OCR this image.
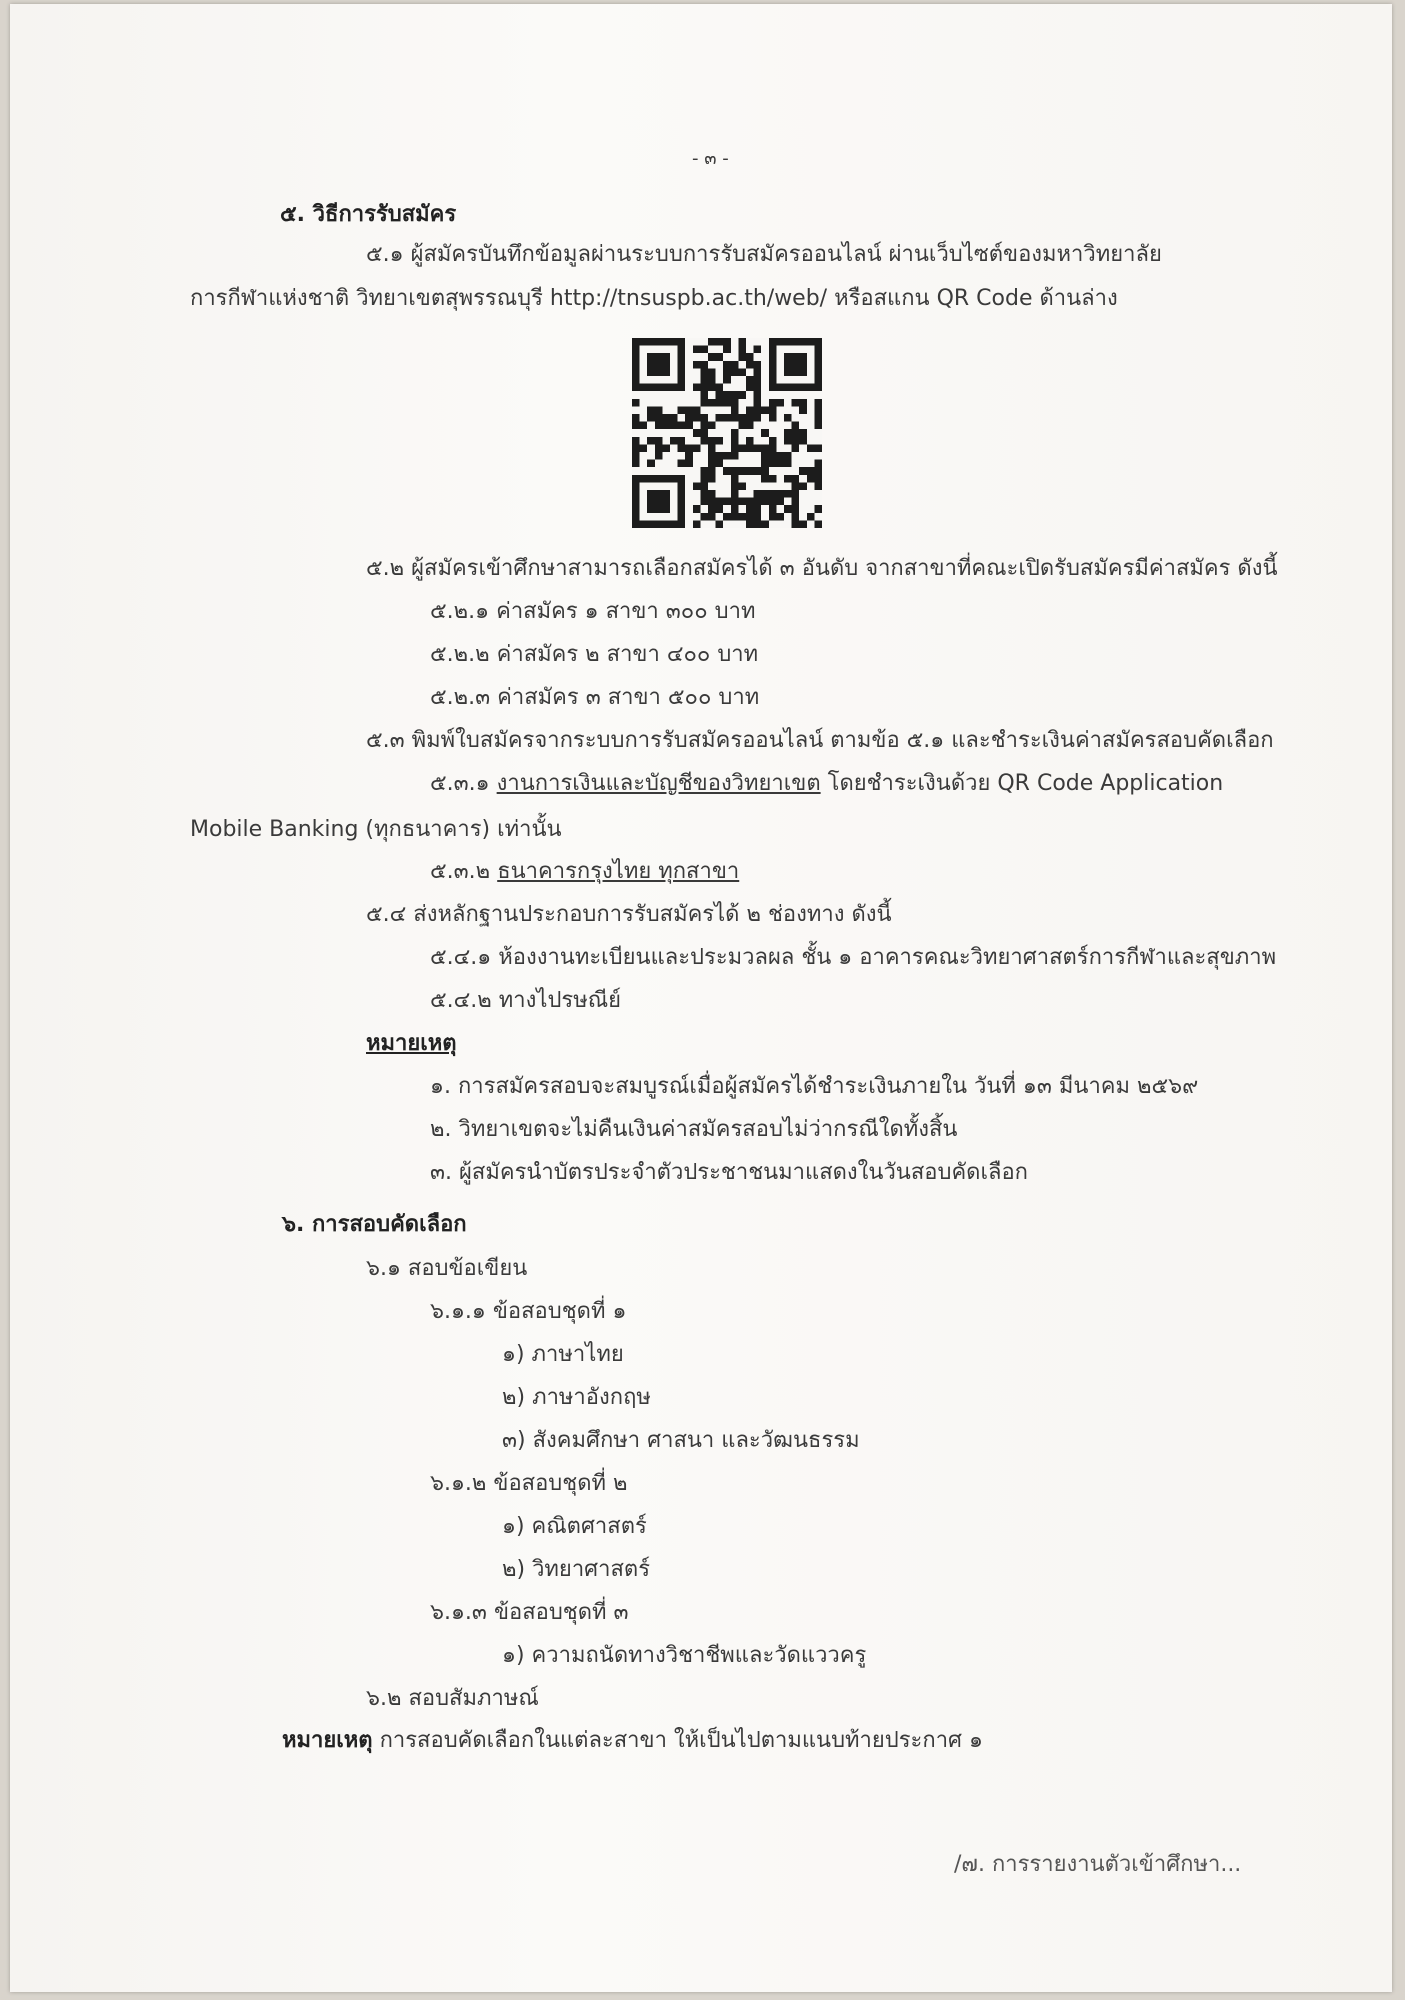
- ๓ -
๕. วิธีการรับสมัคร
๕.๑ ผู้สมัครบันทึกข้อมูลผ่านระบบการรับสมัครออนไลน์ ผ่านเว็บไซต์ของมหาวิทยาลัย
การกีฬาแห่งชาติ วิทยาเขตสุพรรณบุรี http://tnsuspb.ac.th/web/ หรือสแกน QR Code ด้านล่าง
๕.๒ ผู้สมัครเข้าศึกษาสามารถเลือกสมัครได้ ๓ อันดับ จากสาขาที่คณะเปิดรับสมัครมีค่าสมัคร ดังนี้
๕.๒.๑ ค่าสมัคร ๑ สาขา ๓๐๐ บาท
๕.๒.๒ ค่าสมัคร ๒ สาขา ๔๐๐ บาท
๕.๒.๓ ค่าสมัคร ๓ สาขา ๕๐๐ บาท
๕.๓ พิมพ์ใบสมัครจากระบบการรับสมัครออนไลน์ ตามข้อ ๕.๑ และชำระเงินค่าสมัครสอบคัดเลือก
๕.๓.๑ งานการเงินและบัญชีของวิทยาเขต โดยชำระเงินด้วย QR Code Application
Mobile Banking (ทุกธนาคาร) เท่านั้น
๕.๓.๒ ธนาคารกรุงไทย ทุกสาขา
๕.๔ ส่งหลักฐานประกอบการรับสมัครได้ ๒ ช่องทาง ดังนี้
๕.๔.๑ ห้องงานทะเบียนและประมวลผล ชั้น ๑ อาคารคณะวิทยาศาสตร์การกีฬาและสุขภาพ
๕.๔.๒ ทางไปรษณีย์
หมายเหตุ
๑. การสมัครสอบจะสมบูรณ์เมื่อผู้สมัครได้ชำระเงินภายใน วันที่ ๑๓ มีนาคม ๒๕๖๙
๒. วิทยาเขตจะไม่คืนเงินค่าสมัครสอบไม่ว่ากรณีใดทั้งสิ้น
๓. ผู้สมัครนำบัตรประจำตัวประชาชนมาแสดงในวันสอบคัดเลือก
๖. การสอบคัดเลือก
๖.๑ สอบข้อเขียน
๖.๑.๑ ข้อสอบชุดที่ ๑
๑) ภาษาไทย
๒) ภาษาอังกฤษ
๓) สังคมศึกษา ศาสนา และวัฒนธรรม
๖.๑.๒ ข้อสอบชุดที่ ๒
๑) คณิตศาสตร์
๒) วิทยาศาสตร์
๖.๑.๓ ข้อสอบชุดที่ ๓
๑) ความถนัดทางวิชาชีพและวัดแววครู
๖.๒ สอบสัมภาษณ์
หมายเหตุ การสอบคัดเลือกในแต่ละสาขา ให้เป็นไปตามแนบท้ายประกาศ ๑
/๗. การรายงานตัวเข้าศึกษา...
